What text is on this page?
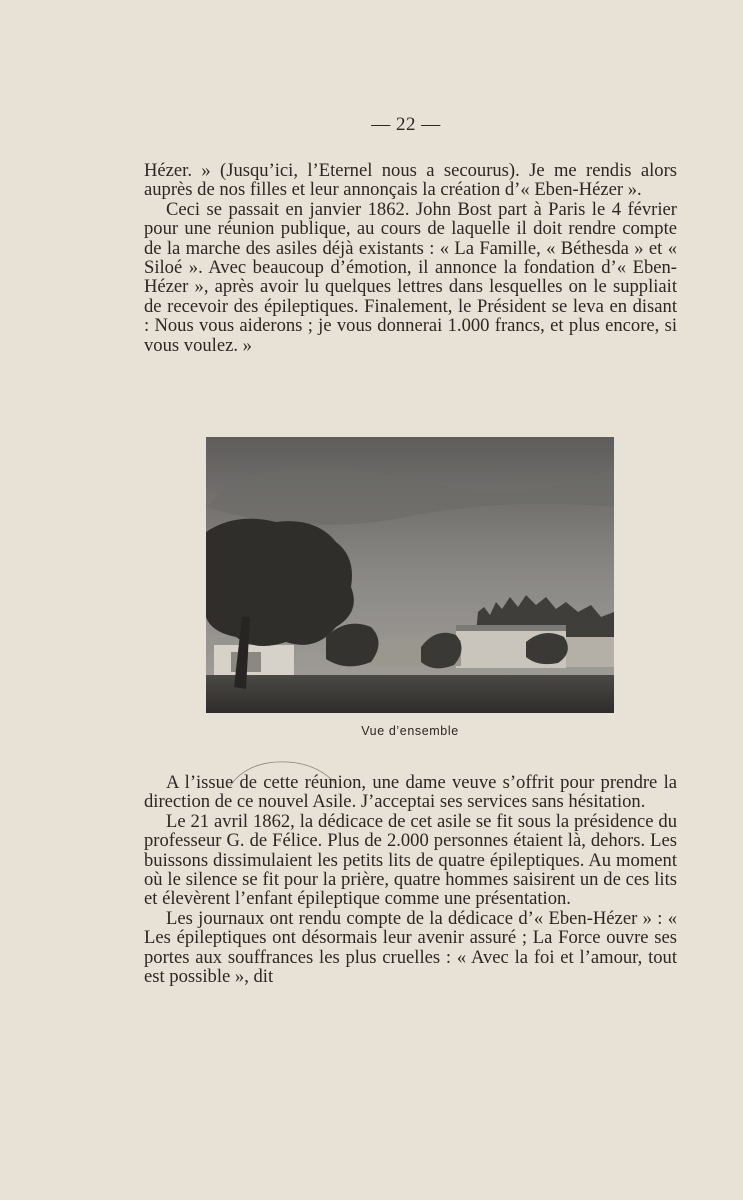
— 22 —

Hézer. » (Jusqu’ici, l’Eternel nous a secourus). Je me rendis alors auprès de nos filles et leur annonçais la création d’« Eben-Hézer ».

Ceci se passait en janvier 1862. John Bost part à Paris le 4 février pour une réunion publique, au cours de laquelle il doit rendre compte de la marche des asiles déjà existants : « La Famille, « Béthesda » et « Siloé ». Avec beaucoup d’émotion, il annonce la fondation d’« Eben-Hézer », après avoir lu quelques lettres dans lesquelles on le suppliait de recevoir des épileptiques. Finalement, le Président se leva en disant : Nous vous aiderons ; je vous donnerai 1.000 francs, et plus encore, si vous voulez. »

Vue d’ensemble

A l’issue de cette réunion, une dame veuve s’offrit pour prendre la direction de ce nouvel Asile. J’acceptai ses services sans hésitation.

Le 21 avril 1862, la dédicace de cet asile se fit sous la présidence du professeur G. de Félice. Plus de 2.000 personnes étaient là, dehors. Les buissons dissimulaient les petits lits de quatre épileptiques. Au moment où le silence se fit pour la prière, quatre hommes saisirent un de ces lits et élevèrent l’enfant épileptique comme une présentation.

Les journaux ont rendu compte de la dédicace d’« Eben-Hézer » : « Les épileptiques ont désormais leur avenir assuré ; La Force ouvre ses portes aux souffrances les plus cruelles : « Avec la foi et l’amour, tout est possible », dit
